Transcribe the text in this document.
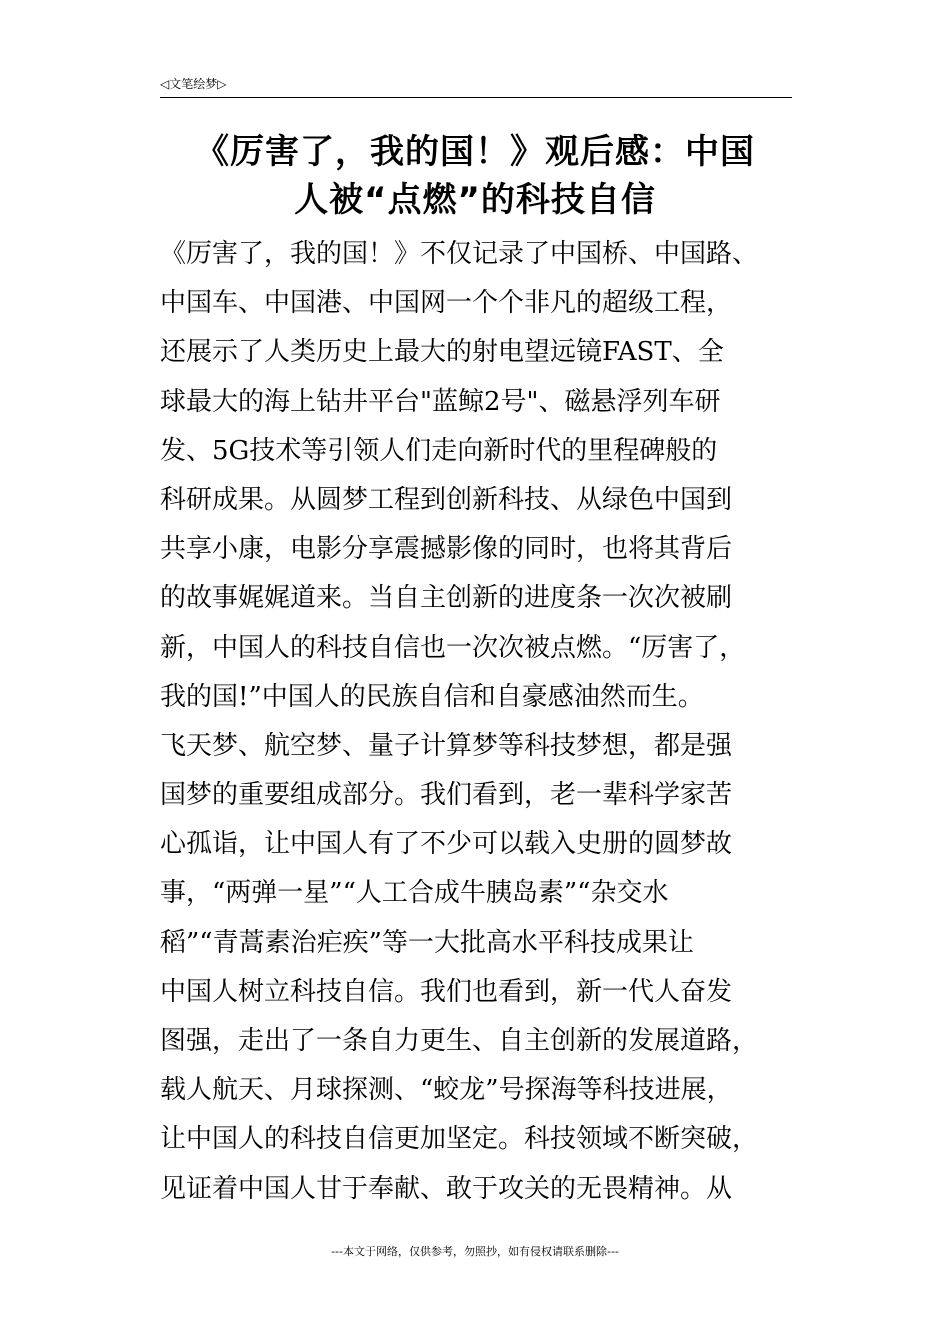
◁文笔绘梦▷
《厉害了，我的国！》观后感：中国
人被“点燃”的科技自信
《厉害了，我的国！》不仅记录了中国桥、中国路、
中国车、中国港、中国网一个个非凡的超级工程，
还展示了人类历史上最大的射电望远镜FAST、全
球最大的海上钻井平台"蓝鲸2号"、磁悬浮列车研
发、5G技术等引领人们走向新时代的里程碑般的
科研成果。从圆梦工程到创新科技、从绿色中国到
共享小康，电影分享震撼影像的同时，也将其背后
的故事娓娓道来。当自主创新的进度条一次次被刷
新，中国人的科技自信也一次次被点燃。“厉害了，
我的国!”中国人的民族自信和自豪感油然而生。
飞天梦、航空梦、量子计算梦等科技梦想，都是强
国梦的重要组成部分。我们看到，老一辈科学家苦
心孤诣，让中国人有了不少可以载入史册的圆梦故
事，“两弹一星”“人工合成牛胰岛素”“杂交水
稻”“青蒿素治疟疾”等一大批高水平科技成果让
中国人树立科技自信。我们也看到，新一代人奋发
图强，走出了一条自力更生、自主创新的发展道路，
载人航天、月球探测、“蛟龙”号探海等科技进展，
让中国人的科技自信更加坚定。科技领域不断突破，
见证着中国人甘于奉献、敢于攻关的无畏精神。从
---本文于网络，仅供参考，勿照抄，如有侵权请联系删除---
